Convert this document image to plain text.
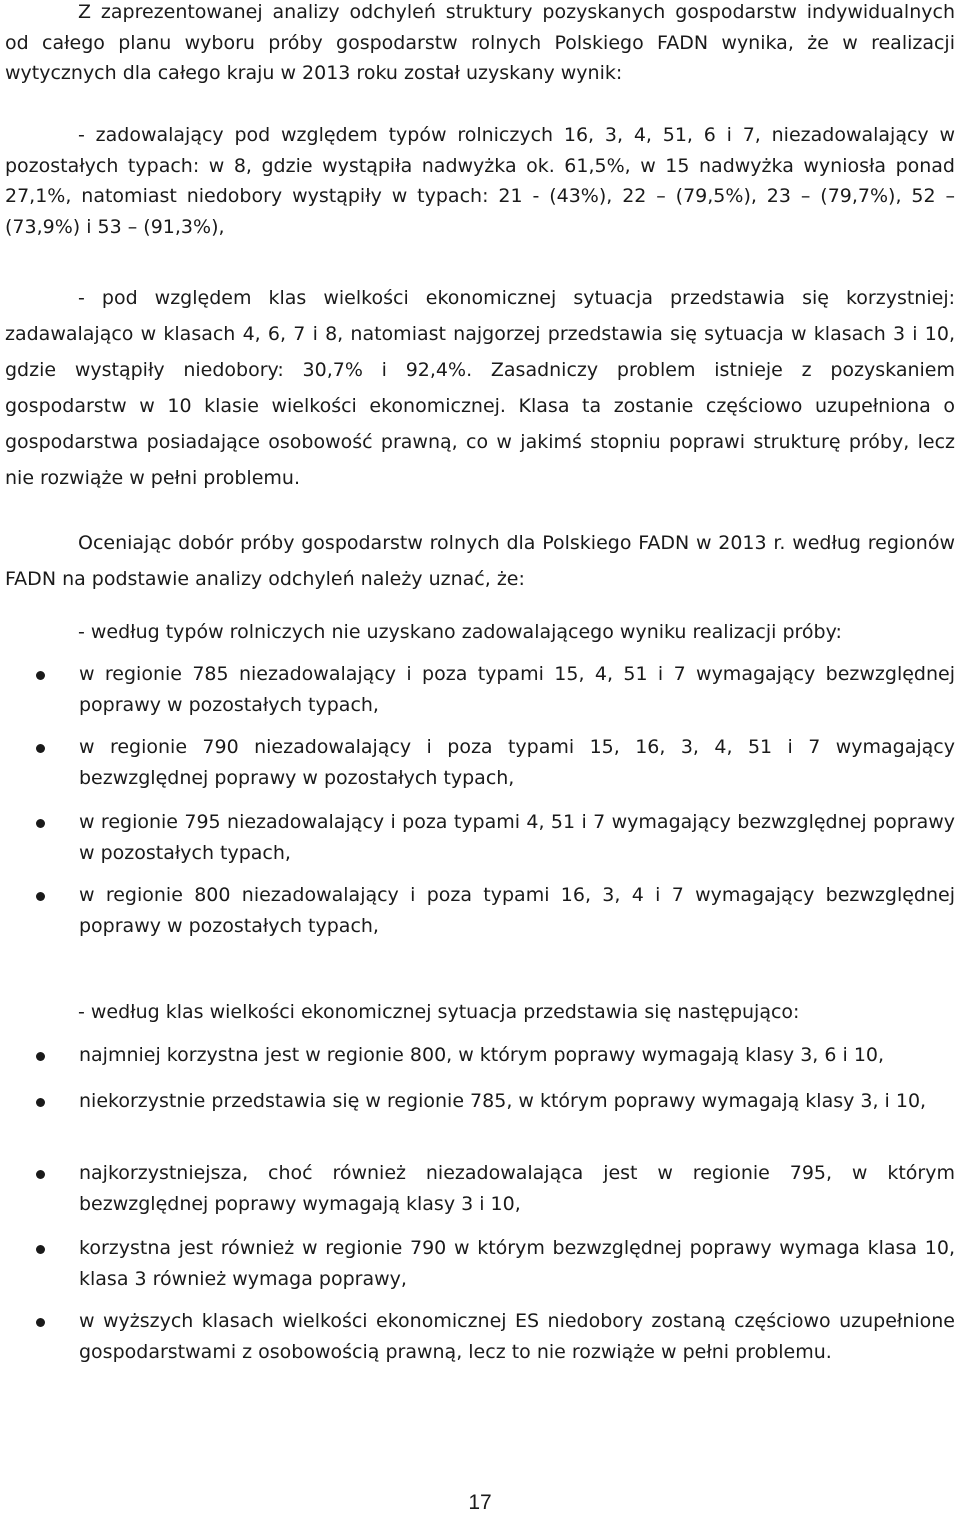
Z zaprezentowanej analizy odchyleń struktury pozyskanych gospodarstw indywidualnych od całego planu wyboru próby gospodarstw rolnych Polskiego FADN wynika, że w realizacji wytycznych dla całego kraju w 2013 roku został uzyskany wynik:

- zadowalający pod względem typów rolniczych 16, 3, 4, 51, 6 i 7, niezadowalający w pozostałych typach: w 8, gdzie wystąpiła nadwyżka ok. 61,5%, w 15 nadwyżka wyniosła ponad 27,1%, natomiast niedobory wystąpiły w typach: 21 - (43%), 22 – (79,5%), 23 – (79,7%), 52 – (73,9%) i 53 – (91,3%),

- pod względem klas wielkości ekonomicznej sytuacja przedstawia się korzystniej: zadawalająco w klasach 4, 6, 7 i 8, natomiast najgorzej przedstawia się sytuacja w klasach 3 i 10, gdzie wystąpiły niedobory: 30,7% i 92,4%. Zasadniczy problem istnieje z pozyskaniem gospodarstw w 10 klasie wielkości ekonomicznej. Klasa ta zostanie częściowo uzupełniona o gospodarstwa posiadające osobowość prawną, co w jakimś stopniu poprawi strukturę próby, lecz nie rozwiąże w pełni problemu.

Oceniając dobór próby gospodarstw rolnych dla Polskiego FADN w 2013 r. według regionów FADN na podstawie analizy odchyleń należy uznać, że:

- według typów rolniczych nie uzyskano zadowalającego wyniku realizacji próby:

w regionie 785 niezadowalający i poza typami 15, 4, 51 i 7 wymagający bezwzględnej poprawy w pozostałych typach,

w regionie 790 niezadowalający i poza typami 15, 16, 3, 4, 51 i 7 wymagający bezwzględnej poprawy w pozostałych typach,

w regionie 795 niezadowalający i poza typami 4, 51 i 7 wymagający bezwzględnej poprawy w pozostałych typach,

w regionie 800 niezadowalający i poza typami 16, 3, 4 i 7 wymagający bezwzględnej poprawy w pozostałych typach,

- według klas wielkości ekonomicznej sytuacja przedstawia się następująco:

najmniej korzystna jest w regionie 800, w którym poprawy wymagają klasy 3, 6 i 10,

niekorzystnie przedstawia się w regionie 785, w którym poprawy wymagają klasy 3, i 10,

najkorzystniejsza, choć również niezadowalająca jest w regionie 795, w którym bezwzględnej poprawy wymagają klasy 3 i 10,

korzystna jest również w regionie 790 w którym bezwzględnej poprawy wymaga klasa 10, klasa 3 również wymaga poprawy,

w wyższych klasach wielkości ekonomicznej ES niedobory zostaną częściowo uzupełnione gospodarstwami z osobowością prawną, lecz to nie rozwiąże w pełni problemu.

17
